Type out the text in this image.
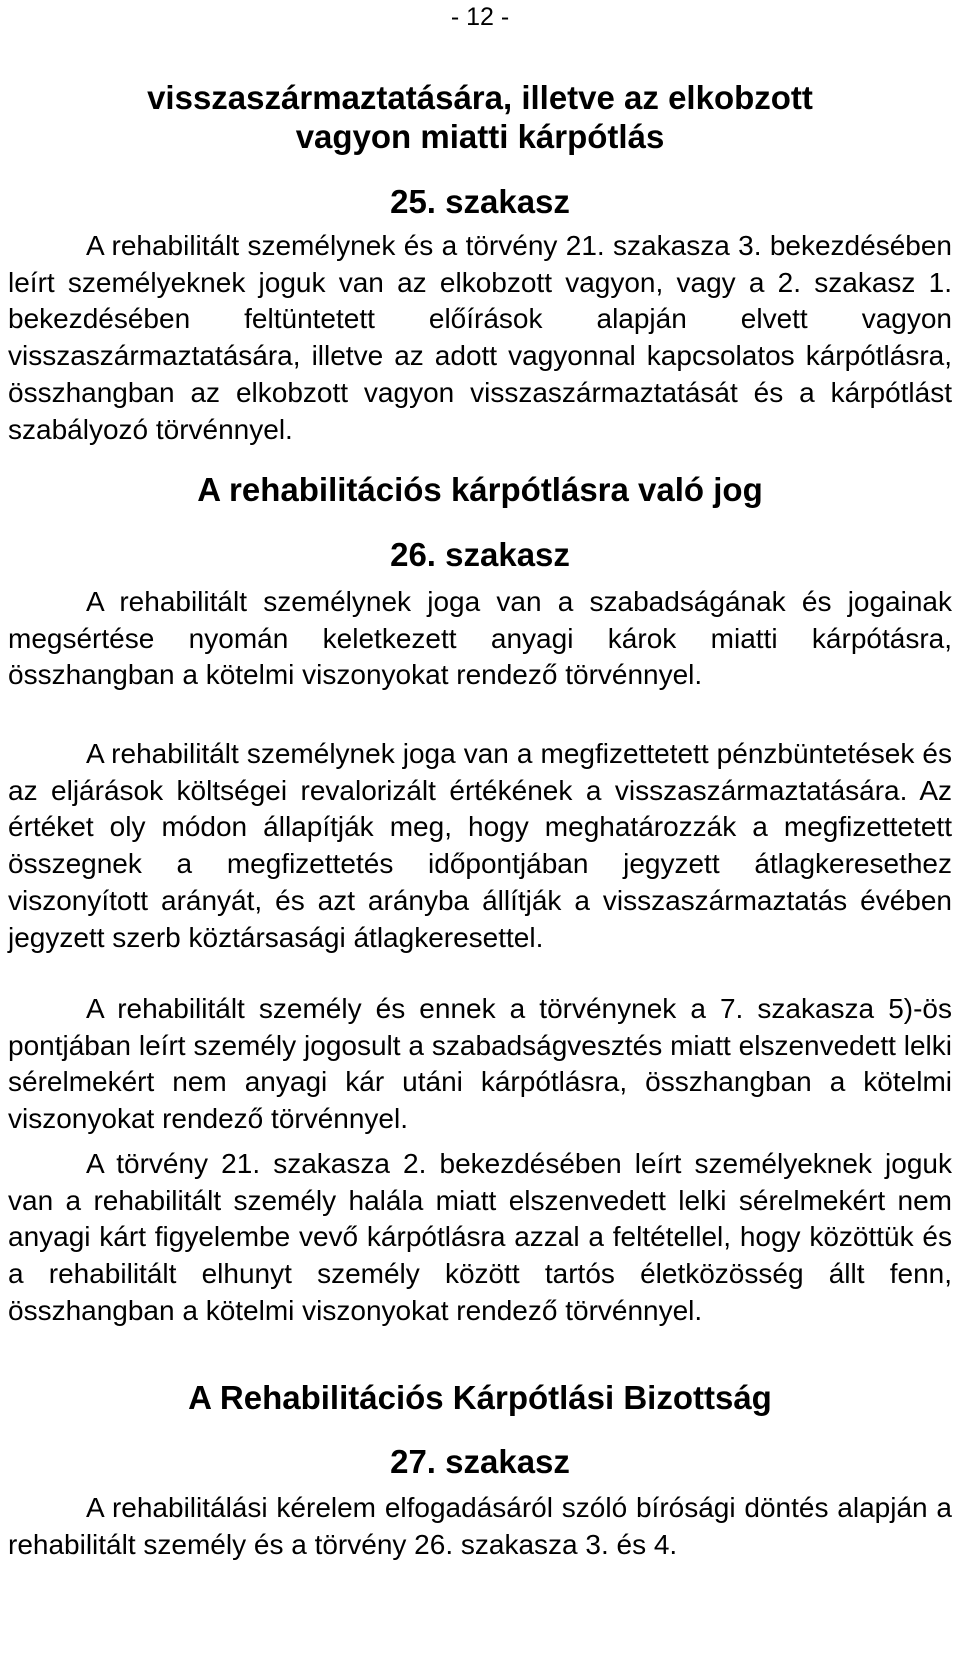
- 12 -
visszaszármaztatására, illetve az elkobzott
vagyon miatti kárpótlás
25. szakasz

A rehabilitált személynek és a törvény 21. szakasza 3. bekezdésében leírt személyeknek joguk van az elkobzott vagyon, vagy a 2. szakasz 1. bekezdésében feltüntetett előírások alapján elvett vagyon visszaszármaztatására, illetve az adott vagyonnal kapcsolatos kárpótlásra, összhangban az elkobzott vagyon visszaszármaztatását és a kárpótlást szabályozó törvénnyel.

A rehabilitációs kárpótlásra való jog
26. szakasz

A rehabilitált személynek joga van a szabadságának és jogainak megsértése nyomán keletkezett anyagi károk miatti kárpótásra, összhangban a kötelmi viszonyokat rendező törvénnyel.

A rehabilitált személynek joga van a megfizettetett pénzbüntetések és az eljárások költségei revalorizált értékének a visszaszármaztatására. Az értéket oly módon állapítják meg, hogy meghatározzák a megfizettetett összegnek a megfizettetés időpontjában jegyzett átlagkeresethez viszonyított arányát, és azt arányba állítják a visszaszármaztatás évében jegyzett szerb köztársasági átlagkeresettel.

A rehabilitált személy és ennek a törvénynek a 7. szakasza 5)-ös pontjában leírt személy jogosult a szabadságvesztés miatt elszenvedett lelki sérelmekért nem anyagi kár utáni kárpótlásra, összhangban a kötelmi viszonyokat rendező törvénnyel.

A törvény 21. szakasza 2. bekezdésében leírt személyeknek joguk van a rehabilitált személy halála miatt elszenvedett lelki sérelmekért nem anyagi kárt figyelembe vevő kárpótlásra azzal a feltétellel, hogy közöttük és a rehabilitált elhunyt személy között tartós életközösség állt fenn, összhangban a kötelmi viszonyokat rendező törvénnyel.

A Rehabilitációs Kárpótlási Bizottság
27. szakasz

A rehabilitálási kérelem elfogadásáról szóló bírósági döntés alapján a rehabilitált személy és a törvény 26. szakasza 3. és 4.
